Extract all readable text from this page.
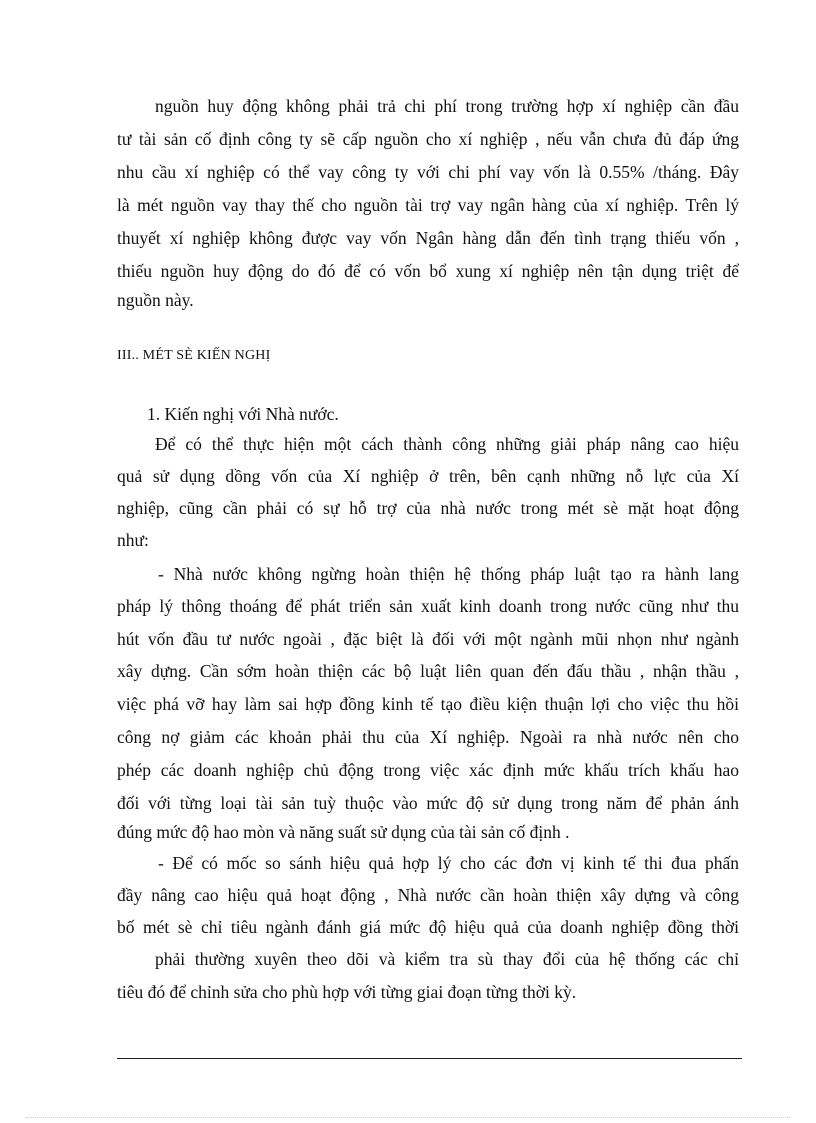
nguồn huy động không phải trả chi phí trong trường hợp xí nghiệp cần đầu
tư tài sản cố định công ty sẽ cấp nguồn cho xí nghiệp , nếu vẫn chưa đủ đáp ứng
nhu cầu xí nghiệp có thể vay công ty với chi phí vay vốn là 0.55% /tháng. Đây
là mét nguồn vay thay thế cho nguồn tài trợ vay ngân hàng của xí nghiệp. Trên lý
thuyết xí nghiệp không được vay vốn Ngân hàng dẫn đến tình trạng thiếu vốn ,
thiếu nguồn huy động do đó để có vốn bổ xung xí nghiệp nên tận dụng triệt để
nguồn này.
III.. MÉT SÈ KIẾN NGHỊ
1. Kiến nghị với Nhà nước.
Để có thể thực hiện một cách thành công những giải pháp nâng cao hiệu
quả sử dụng dồng vốn của Xí nghiệp ở trên, bên cạnh những nỗ lực của Xí
nghiệp, cũng cần phải có sự hỗ trợ của nhà nước trong mét sè mặt hoạt động
như:
- Nhà nước không ngừng hoàn thiện hệ thống pháp luật tạo ra hành lang
pháp lý thông thoáng để phát triển sản xuất kinh doanh trong nước cũng như thu
hút vốn đầu tư nước ngoài , đặc biệt là đối với một ngành mũi nhọn như ngành
xây dựng. Cần sớm hoàn thiện các bộ luật liên quan đến đấu thầu , nhận thầu ,
việc phá vỡ hay làm sai hợp đồng kinh tế tạo điều kiện thuận lợi cho việc thu hồi
công nợ giảm các khoản phải thu của Xí nghiệp. Ngoài ra nhà nước nên cho
phép các doanh nghiệp chủ động trong việc xác định mức khấu trích khấu hao
đối với từng loại tài sản tuỳ thuộc vào mức độ sử dụng trong năm để phản ánh
đúng mức độ hao mòn và năng suất sử dụng của tài sản cố định .
- Để có mốc so sánh hiệu quả hợp lý cho các đơn vị kinh tế thi đua phấn
đầy nâng cao hiệu quả hoạt động , Nhà nước cần hoàn thiện xây dựng và công
bố mét sè chỉ tiêu ngành đánh giá mức độ hiệu quả của doanh nghiệp đồng thời
phải thường xuyên theo dõi và kiểm tra sù thay đổi của hệ thống các chỉ
tiêu đó để chỉnh sửa cho phù hợp với từng giai đoạn từng thời kỳ.
